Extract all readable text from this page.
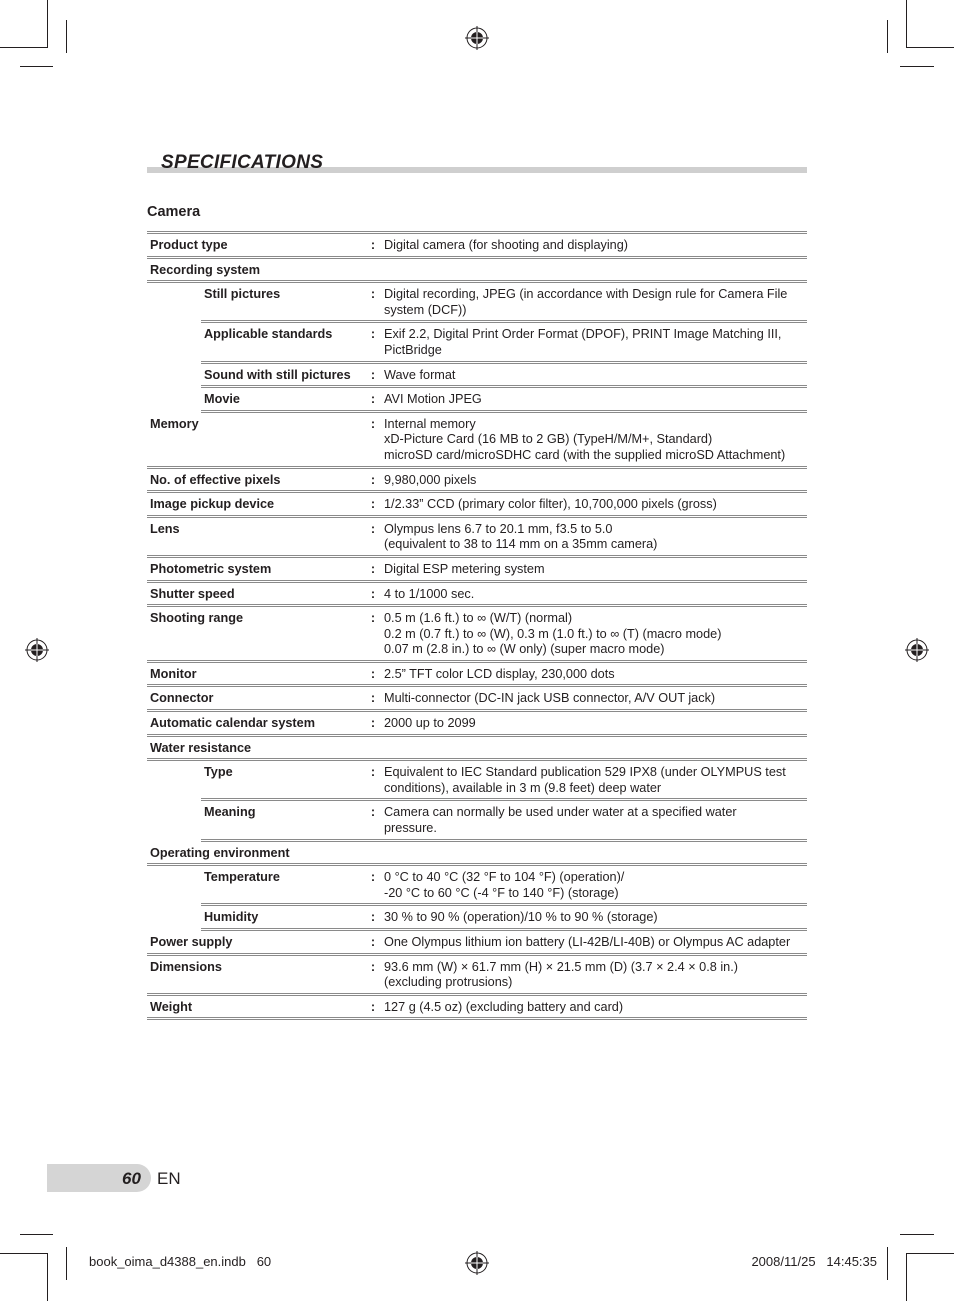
SPECIFICATIONS
Camera
Product type		:	Digital camera (for shooting and displaying)

Recording system			
	Still pictures	:	Digital recording, JPEG (in accordance with Design rule for Camera File
system (DCF))

	Applicable standards	:	Exif 2.2, Digital Print Order Format (DPOF), PRINT Image Matching III,
PictBridge

	Sound with still pictures	:	Wave format

	Movie	:	AVI Motion JPEG

Memory		:	Internal memory
xD-Picture Card (16 MB to 2 GB) (TypeH/M/M+, Standard)
microSD card/microSDHC card (with the supplied microSD Attachment)

No. of effective pixels		:	9,980,000 pixels

Image pickup device		:	1/2.33” CCD (primary color filter), 10,700,000 pixels (gross)

Lens		:	Olympus lens 6.7 to 20.1 mm, f3.5 to 5.0
(equivalent to 38 to 114 mm on a 35mm camera)

Photometric system		:	Digital ESP metering system

Shutter speed		:	4 to 1/1000 sec.

Shooting range		:	0.5 m (1.6 ft.) to ∞ (W/T) (normal)
0.2 m (0.7 ft.) to ∞ (W), 0.3 m (1.0 ft.) to ∞ (T) (macro mode)
0.07 m (2.8 in.) to ∞ (W only) (super macro mode)

Monitor		:	2.5” TFT color LCD display, 230,000 dots

Connector		:	Multi-connector (DC-IN jack USB connector, A/V OUT jack)

Automatic calendar system		:	2000 up to 2099

Water resistance			
	Type	:	Equivalent to IEC Standard publication 529 IPX8 (under OLYMPUS test
conditions), available in 3 m (9.8 feet) deep water

	Meaning	:	Camera can normally be used under water at a specified water
pressure.

Operating environment			
	Temperature	:	0 °C to 40 °C (32 °F to 104 °F) (operation)/
-20 °C to 60 °C (-4 °F to 140 °F) (storage)

	Humidity	:	30 % to 90 % (operation)/10 % to 90 % (storage)

Power supply		:	One Olympus lithium ion battery (LI-42B/LI-40B) or Olympus AC adapter

Dimensions		:	93.6 mm (W) × 61.7 mm (H) × 21.5 mm (D) (3.7 × 2.4 × 0.8 in.)
(excluding protrusions)

Weight		:	127 g (4.5 oz) (excluding battery and card)
60 EN
book_oima_d4388_en.indb   60	2008/11/25   14:45:35
